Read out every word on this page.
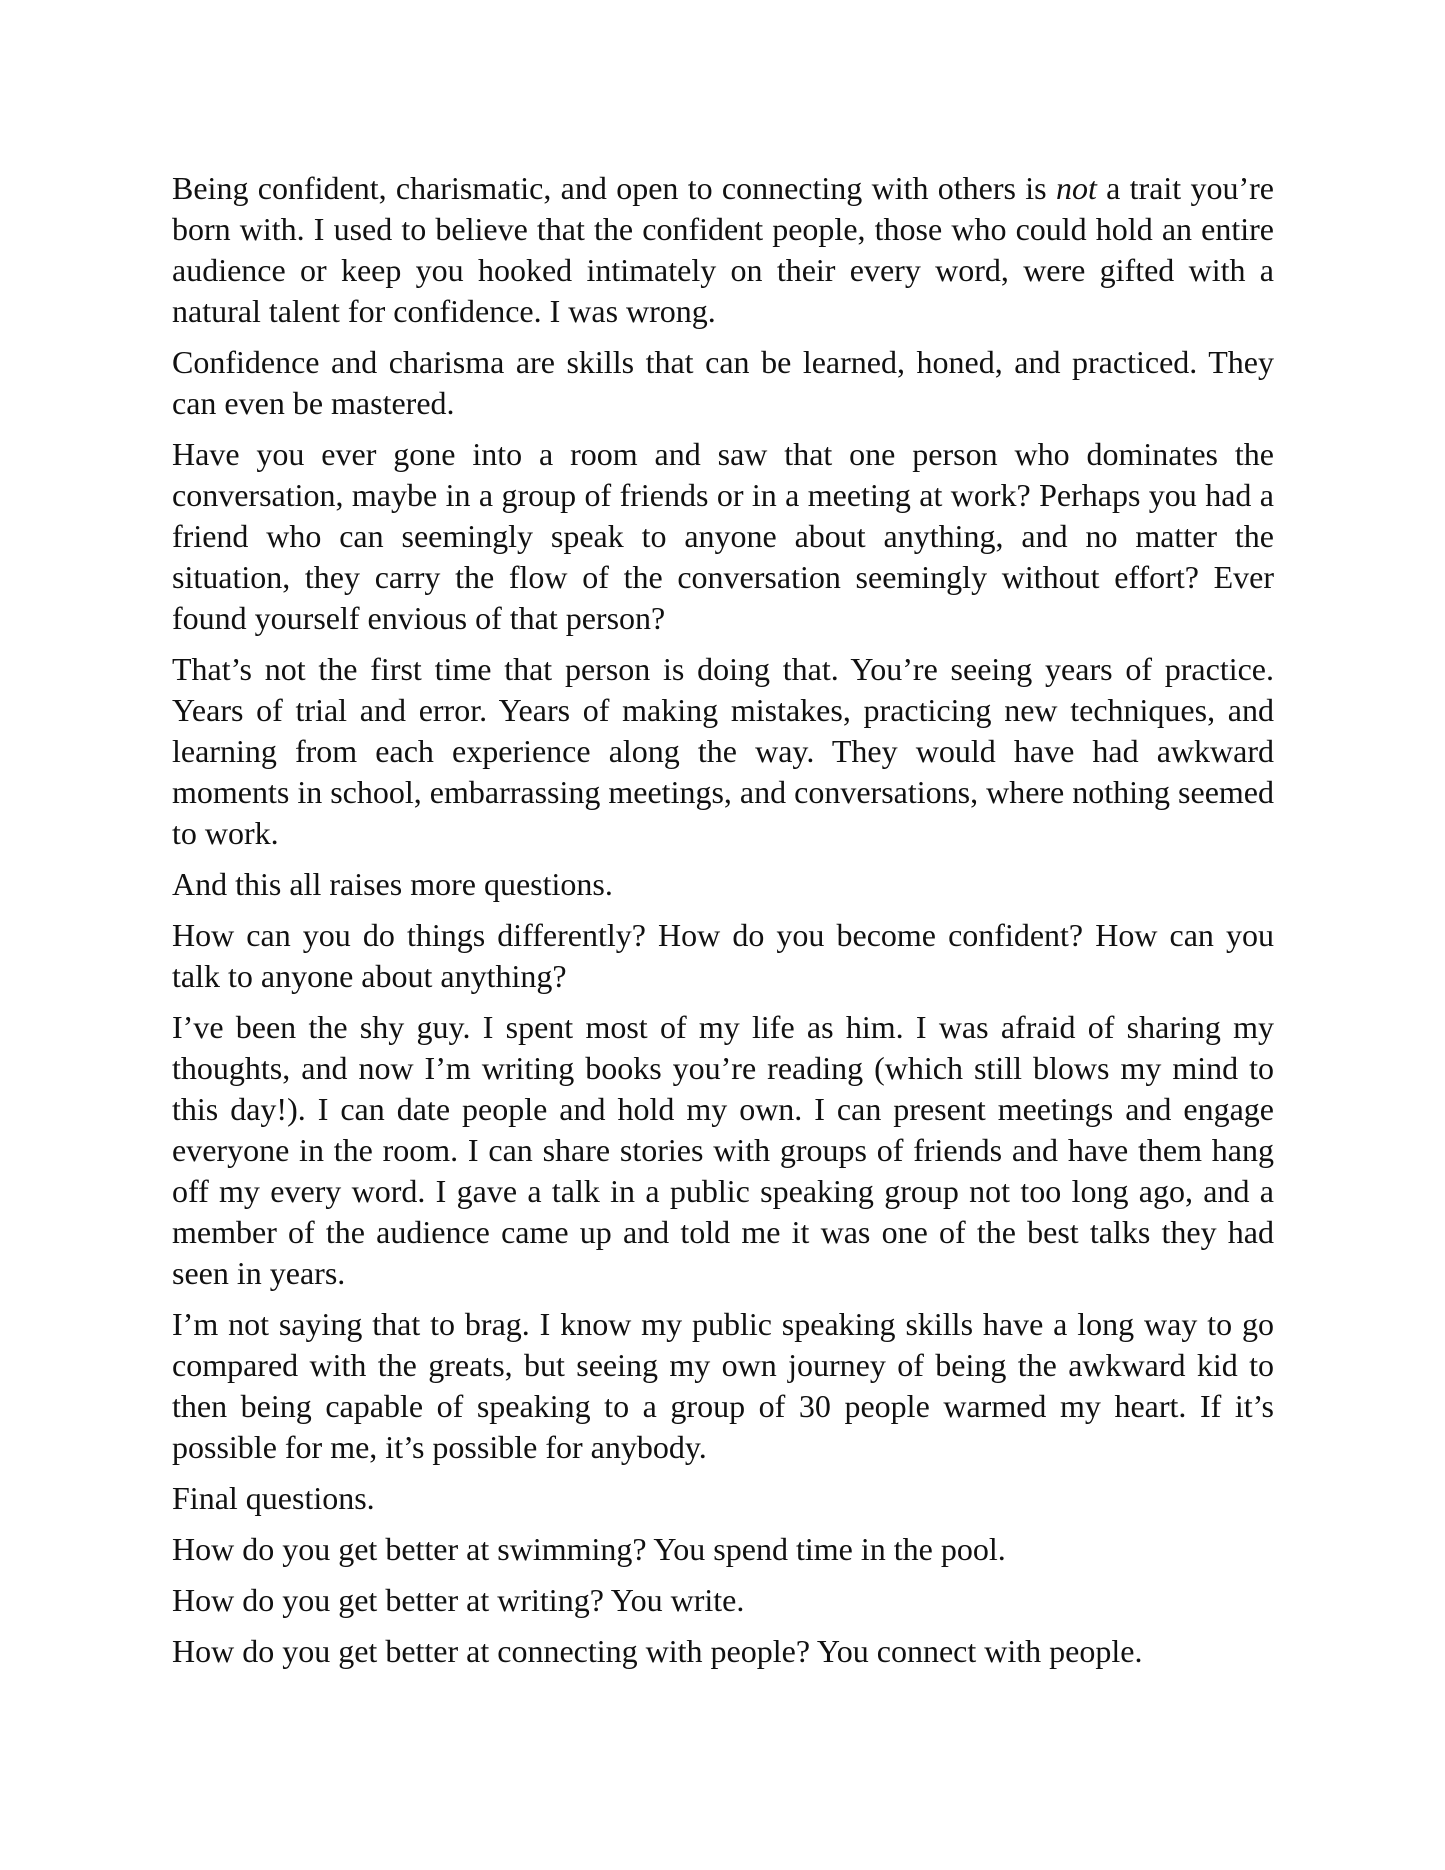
Being confident, charismatic, and open to connecting with others is not a trait you’re born with. I used to believe that the confident people, those who could hold an entire audience or keep you hooked intimately on their every word, were gifted with a natural talent for confidence. I was wrong.

Confidence and charisma are skills that can be learned, honed, and practiced. They can even be mastered.

Have you ever gone into a room and saw that one person who dominates the conversation, maybe in a group of friends or in a meeting at work? Perhaps you had a friend who can seemingly speak to anyone about anything, and no matter the situation, they carry the flow of the conversation seemingly without effort? Ever found yourself envious of that person?

That’s not the first time that person is doing that. You’re seeing years of practice. Years of trial and error. Years of making mistakes, practicing new techniques, and learning from each experience along the way. They would have had awkward moments in school, embarrassing meetings, and conversations, where nothing seemed to work.

And this all raises more questions.

How can you do things differently? How do you become confident? How can you talk to anyone about anything?

I’ve been the shy guy. I spent most of my life as him. I was afraid of sharing my thoughts, and now I’m writing books you’re reading (which still blows my mind to this day!). I can date people and hold my own. I can present meetings and engage everyone in the room. I can share stories with groups of friends and have them hang off my every word. I gave a talk in a public speaking group not too long ago, and a member of the audience came up and told me it was one of the best talks they had seen in years.

I’m not saying that to brag. I know my public speaking skills have a long way to go compared with the greats, but seeing my own journey of being the awkward kid to then being capable of speaking to a group of 30 people warmed my heart. If it’s possible for me, it’s possible for anybody.

Final questions.

How do you get better at swimming? You spend time in the pool.

How do you get better at writing? You write.

How do you get better at connecting with people? You connect with people.
